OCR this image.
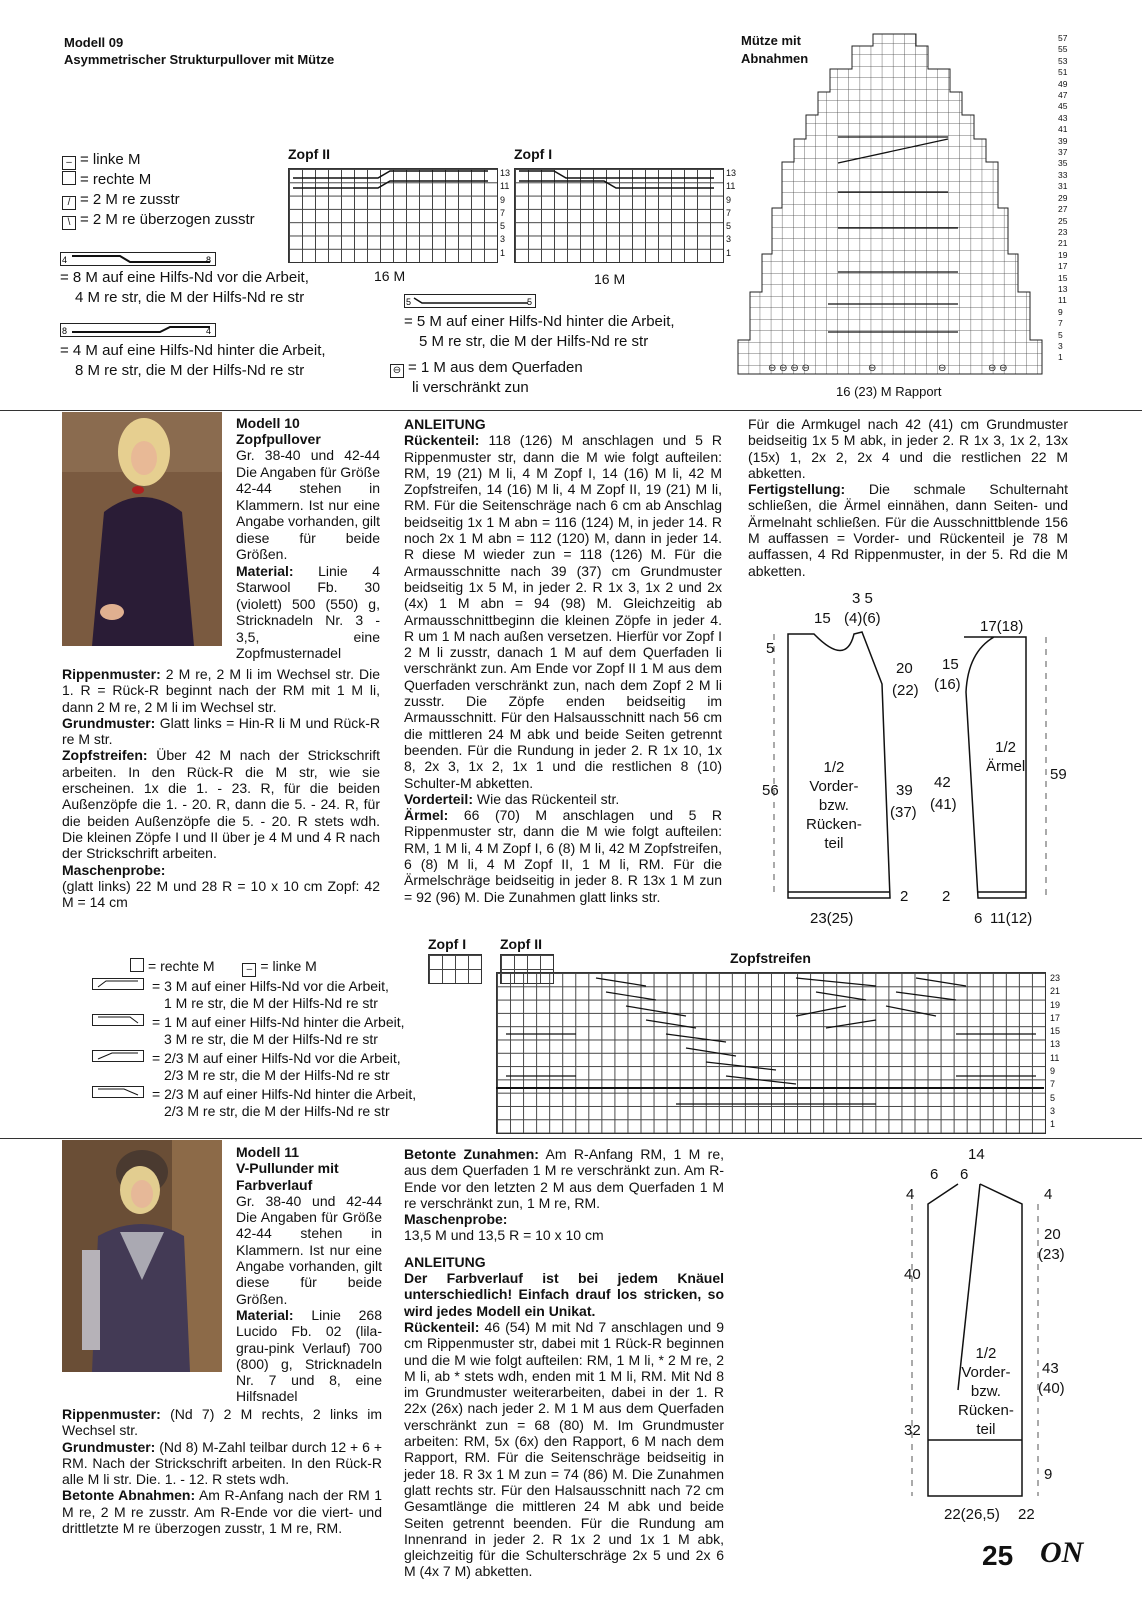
Modell 09
Asymmetrischer Strukturpullover mit Mütze
– = linke M
= rechte M
/ = 2 M re zusstr
\ = 2 M re überzogen zusstr
4	8
= 8 M auf eine Hilfs-Nd vor die Arbeit,
4 M re str, die M der Hilfs-Nd re str
8	4
= 4 M auf eine Hilfs-Nd hinter die Arbeit,
8 M re str, die M der Hilfs-Nd re str
Zopf II	Zopf I
13
11
9
7
5
3
1
13
11
9
7
5
3
1
16 M	16 M
5	5
= 5 M auf einer Hilfs-Nd hinter die Arbeit,
5 M re str, die M der Hilfs-Nd re str
⊖ = 1 M aus dem Querfaden
li verschränkt zun
Mütze mit
Abnahmen
⊖ ⊖ ⊖ ⊖	⊖	⊖	⊖ ⊖
57
55
53
51
49
47
45
43
41
39
37
35
33
31
29
27
25
23
21
19
17
15
13
11
9
7
5
3
1
16 (23) M Rapport

Modell 10

Zopfpullover

Gr. 38-40 und 42-44 Die Angaben für Größe 42-44 stehen in Klammern. Ist nur eine Angabe vorhanden, gilt diese für beide Größen.

Material: Linie 4 Starwool Fb. 30 (violett) 500 (550) g, Stricknadeln Nr. 3 - 3,5, eine Zopfmusternadel

Rippenmuster: 2 M re, 2 M li im Wechsel str. Die 1. R = Rück-R beginnt nach der RM mit 1 M li, dann 2 M re, 2 M li im Wechsel str.

Grundmuster: Glatt links = Hin-R li M und Rück-R re M str.

Zopfstreifen: Über 42 M nach der Strickschrift arbeiten. In den Rück-R die M str, wie sie erscheinen. 1x die 1. - 23. R, für die beiden Außenzöpfe die 1. - 20. R, dann die 5. - 24. R, für die beiden Außenzöpfe die 5. - 20. R stets wdh. Die kleinen Zöpfe I und II über je 4 M und 4 R nach der Strickschrift arbeiten.

Maschenprobe:

(glatt links) 22 M und 28 R = 10 x 10 cm Zopf: 42 M = 14 cm

ANLEITUNG

Rückenteil: 118 (126) M anschlagen und 5 R Rippenmuster str, dann die M wie folgt aufteilen: RM, 19 (21) M li, 4 M Zopf I, 14 (16) M li, 42 M Zopfstreifen, 14 (16) M li, 4 M Zopf II, 19 (21) M li, RM. Für die Seitenschräge nach 6 cm ab Anschlag beidseitig 1x 1 M abn = 116 (124) M, in jeder 14. R noch 2x 1 M abn = 112 (120) M, dann in jeder 14. R diese M wieder zun = 118 (126) M. Für die Armausschnitte nach 39 (37) cm Grundmuster beidseitig 1x 5 M, in jeder 2. R 1x 3, 1x 2 und 2x (4x) 1 M abn = 94 (98) M. Gleichzeitig ab Armausschnittbeginn die kleinen Zöpfe in jeder 4. R um 1 M nach außen versetzen. Hierfür vor Zopf I 2 M li zusstr, danach 1 M auf dem Querfaden li verschränkt zun. Am Ende vor Zopf II 1 M aus dem Querfaden verschränkt zun, nach dem Zopf 2 M li zusstr. Die Zöpfe enden beidseitig im Armausschnitt. Für den Halsausschnitt nach 56 cm die mittleren 24 M abk und beide Seiten getrennt beenden. Für die Rundung in jeder 2. R 1x 10, 1x 8, 2x 3, 1x 2, 1x 1 und die restlichen 8 (10) Schulter-M abketten.

Vorderteil: Wie das Rückenteil str.

Ärmel: 66 (70) M anschlagen und 5 R Rippenmuster str, dann die M wie folgt aufteilen: RM, 1 M li, 4 M Zopf I, 6 (8) M li, 42 M Zopfstreifen, 6 (8) M li, 4 M Zopf II, 1 M li, RM. Für die Ärmelschräge beidseitig in jeder 8. R 13x 1 M zun = 92 (96) M. Die Zunahmen glatt links str.

Für die Armkugel nach 42 (41) cm Grundmuster beidseitig 1x 5 M abk, in jeder 2. R 1x 3, 1x 2, 13x (15x) 1, 2x 2, 2x 4 und die restlichen 22 M abketten.

Fertigstellung: Die schmale Schulternaht schließen, die Ärmel einnähen, dann Seiten- und Ärmelnaht schließen. Für die Ausschnittblende 156 M auffassen = Vorder- und Rückenteil je 78 M auffassen, 4 Rd Rippenmuster, in der 5. Rd die M abketten.

15
3 5
(4)(6)
5
20
(22)
56	39
(37)
2
23(25)
1/2
Vorder-
bzw.
Rücken-
teil
17(18)
15
(16)
42
(41)
59
2
6 11(12)
1/2
Ärmel
= rechte M	– = linke M
= 3 M auf einer Hilfs-Nd vor die Arbeit,
1 M re str, die M der Hilfs-Nd re str
= 1 M auf einer Hilfs-Nd hinter die Arbeit,
3 M re str, die M der Hilfs-Nd re str
= 2/3 M auf einer Hilfs-Nd vor die Arbeit,
2/3 M re str, die M der Hilfs-Nd re str
= 2/3 M auf einer Hilfs-Nd hinter die Arbeit,
2/3 M re str, die M der Hilfs-Nd re str
Zopf I Zopf II
Zopfstreifen
23
21
19
17
15
13
11
9
7
5
3
1

Modell 11

V-Pullunder mit

Farbverlauf

Gr. 38-40 und 42-44 Die Angaben für Größe 42-44 stehen in Klammern. Ist nur eine Angabe vorhanden, gilt diese für beide Größen.

Material: Linie 268 Lucido Fb. 02 (lila-grau-pink Verlauf) 700 (800) g, Stricknadeln Nr. 7 und 8, eine Hilfsnadel

Rippenmuster: (Nd 7) 2 M rechts, 2 links im Wechsel str.

Grundmuster: (Nd 8) M-Zahl teilbar durch 12 + 6 + RM. Nach der Strickschrift arbeiten. In den Rück-R alle M li str. Die. 1. - 12. R stets wdh.

Betonte Abnahmen: Am R-Anfang nach der RM 1 M re, 2 M re zusstr. Am R-Ende vor die viert- und drittletzte M re überzogen zusstr, 1 M re, RM.

Betonte Zunahmen: Am R-Anfang RM, 1 M re, aus dem Querfaden 1 M re verschränkt zun. Am R-Ende vor den letzten 2 M aus dem Querfaden 1 M re verschränkt zun, 1 M re, RM.

Maschenprobe:

13,5 M und 13,5 R = 10 x 10 cm

ANLEITUNG

Der Farbverlauf ist bei jedem Knäuel unterschiedlich! Einfach drauf los stricken, so wird jedes Modell ein Unikat.

Rückenteil: 46 (54) M mit Nd 7 anschlagen und 9 cm Rippenmuster str, dabei mit 1 Rück-R beginnen und die M wie folgt aufteilen: RM, 1 M li, * 2 M re, 2 M li, ab * stets wdh, enden mit 1 M li, RM. Mit Nd 8 im Grundmuster weiterarbeiten, dabei in der 1. R 22x (26x) nach jeder 2. M 1 M aus dem Querfaden verschränkt zun = 68 (80) M. Im Grundmuster arbeiten: RM, 5x (6x) den Rapport, 6 M nach dem Rapport, RM. Für die Seitenschräge beidseitig in jeder 18. R 3x 1 M zun = 74 (86) M. Die Zunahmen glatt rechts str. Für den Halsausschnitt nach 72 cm Gesamtlänge die mittleren 24 M abk und beide Seiten getrennt beenden. Für die Rundung am Innenrand in jeder 2. R 1x 2 und 1x 1 M abk, gleichzeitig für die Schulterschräge 2x 5 und 2x 6 M (4x 7 M) abketten.

14
6 6
4	4
20
(23)
40
43
(40)
32
9
22(26,5) 22
1/2
Vorder-
bzw.
Rücken-
teil
25 ON
